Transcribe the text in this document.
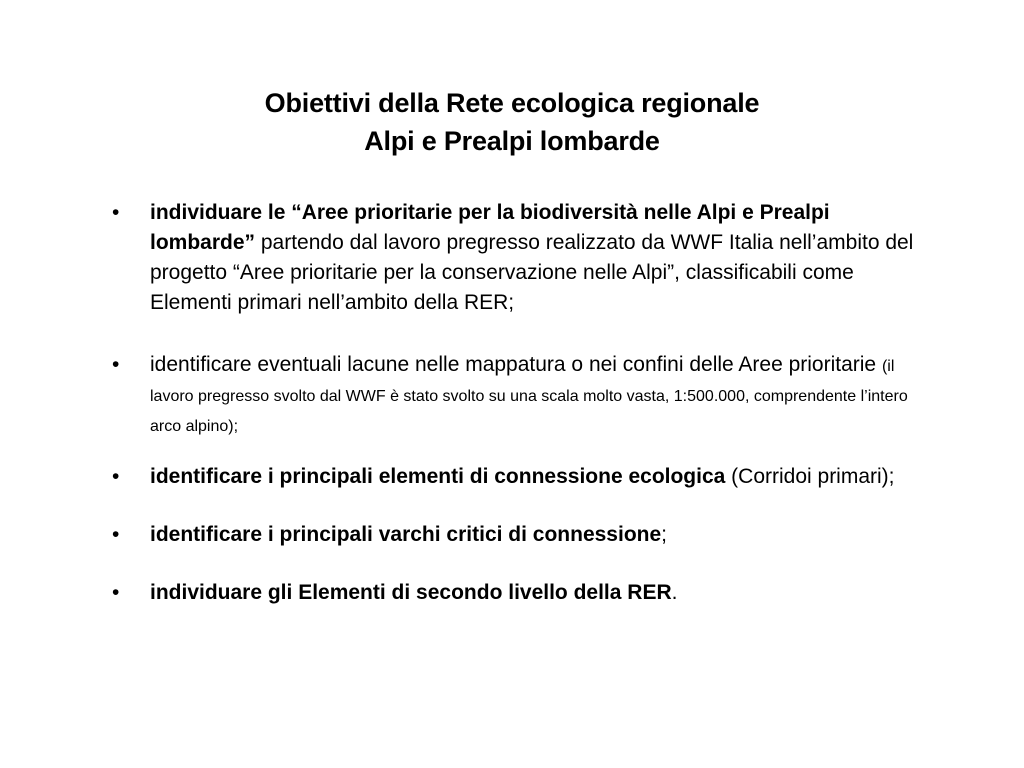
Obiettivi della Rete ecologica regionale
Alpi e Prealpi lombarde
• individuare le “Aree prioritarie per la biodiversità nelle Alpi e Prealpi lombarde” partendo dal lavoro pregresso realizzato da WWF Italia nell’ambito del progetto “Aree prioritarie per la conservazione nelle Alpi”, classificabili come Elementi primari nell’ambito della RER;
• identificare eventuali lacune nelle mappatura o nei confini delle Aree prioritarie (il lavoro pregresso svolto dal WWF è stato svolto su una scala molto vasta, 1:500.000, comprendente l’intero arco alpino);
• identificare i principali elementi di connessione ecologica (Corridoi primari);
• identificare i principali varchi critici di connessione;
• individuare gli Elementi di secondo livello della RER.
